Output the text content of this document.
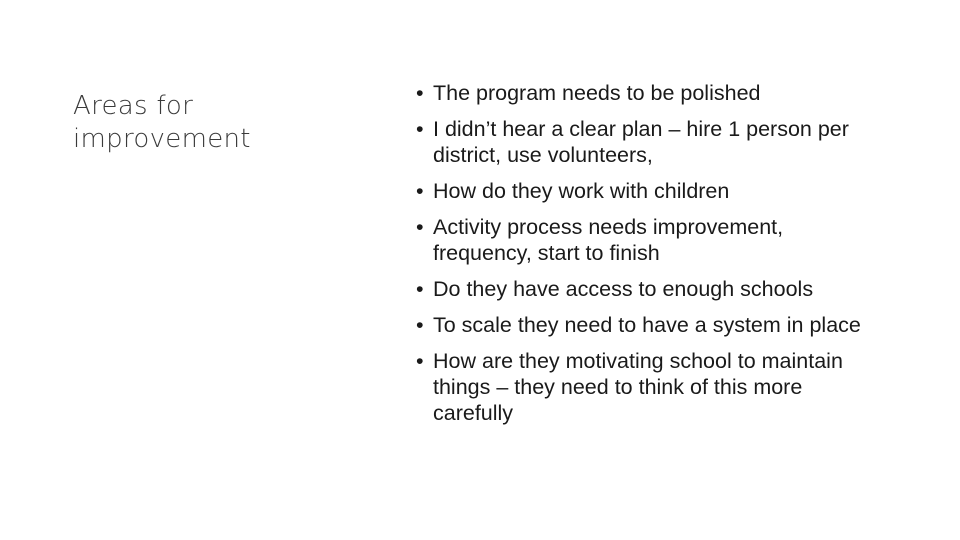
Areas for improvement
• The program needs to be polished
• I didn’t hear a clear plan – hire 1 person per district, use volunteers,
• How do they work with children
• Activity process needs improvement, frequency, start to finish
• Do they have access to enough schools
• To scale they need to have a system in place
• How are they motivating school to maintain things – they need to think of this more carefully
